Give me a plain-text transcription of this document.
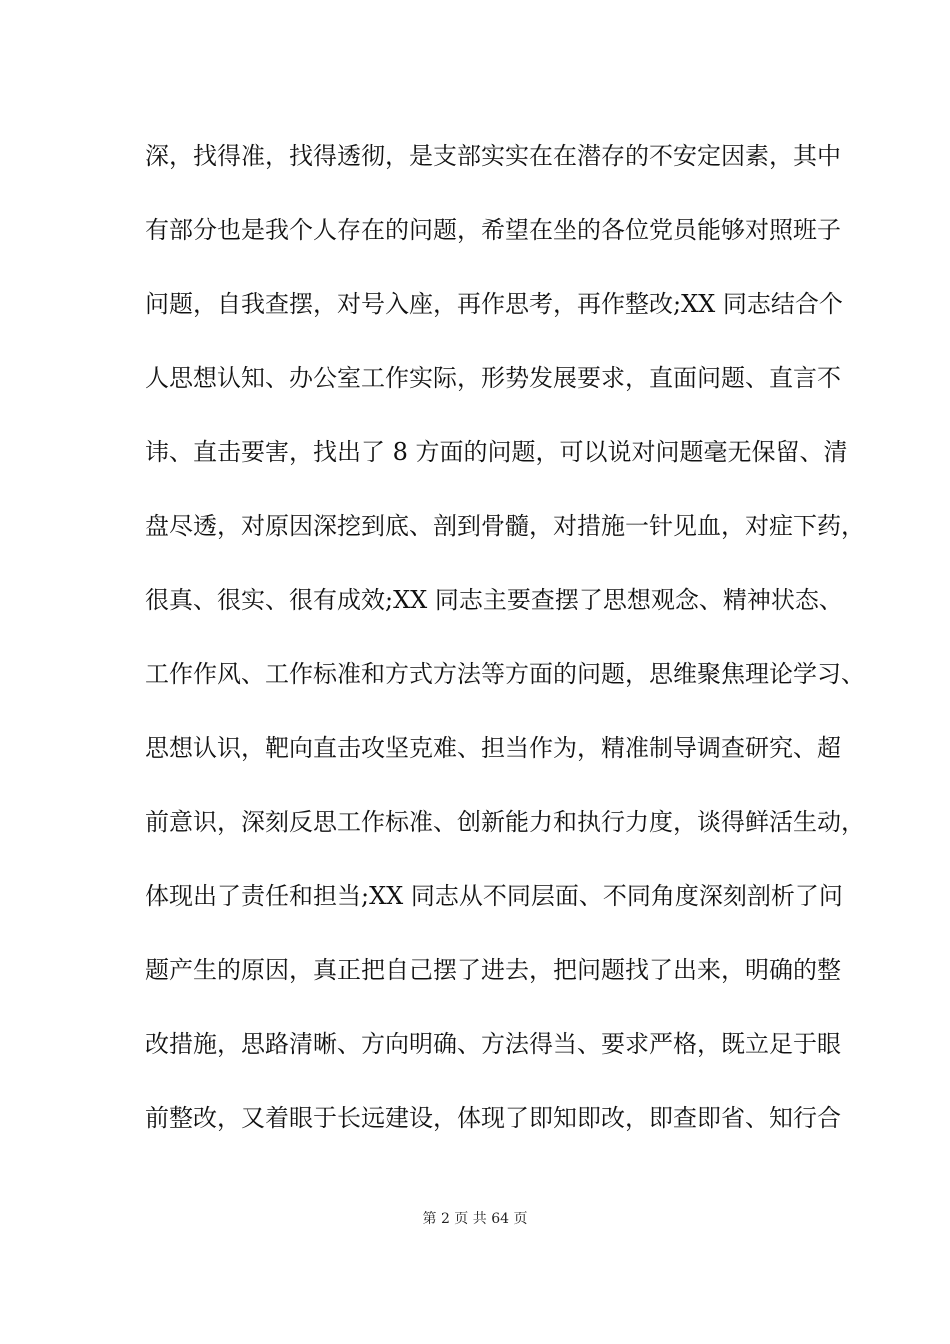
深，找得准，找得透彻，是支部实实在在潜存的不安定因素，其中
有部分也是我个人存在的问题，希望在坐的各位党员能够对照班子
问题，自我查摆，对号入座，再作思考，再作整改;XX 同志结合个
人思想认知、办公室工作实际，形势发展要求，直面问题、直言不
讳、直击要害，找出了 8 方面的问题，可以说对问题毫无保留、清
盘尽透，对原因深挖到底、剖到骨髓，对措施一针见血，对症下药，
很真、很实、很有成效;XX 同志主要查摆了思想观念、精神状态、
工作作风、工作标准和方式方法等方面的问题，思维聚焦理论学习、
思想认识，靶向直击攻坚克难、担当作为，精准制导调查研究、超
前意识，深刻反思工作标准、创新能力和执行力度，谈得鲜活生动，
体现出了责任和担当;XX 同志从不同层面、不同角度深刻剖析了问
题产生的原因，真正把自己摆了进去，把问题找了出来，明确的整
改措施，思路清晰、方向明确、方法得当、要求严格，既立足于眼
前整改，又着眼于长远建设，体现了即知即改，即查即省、知行合
第 2 页 共 64 页
